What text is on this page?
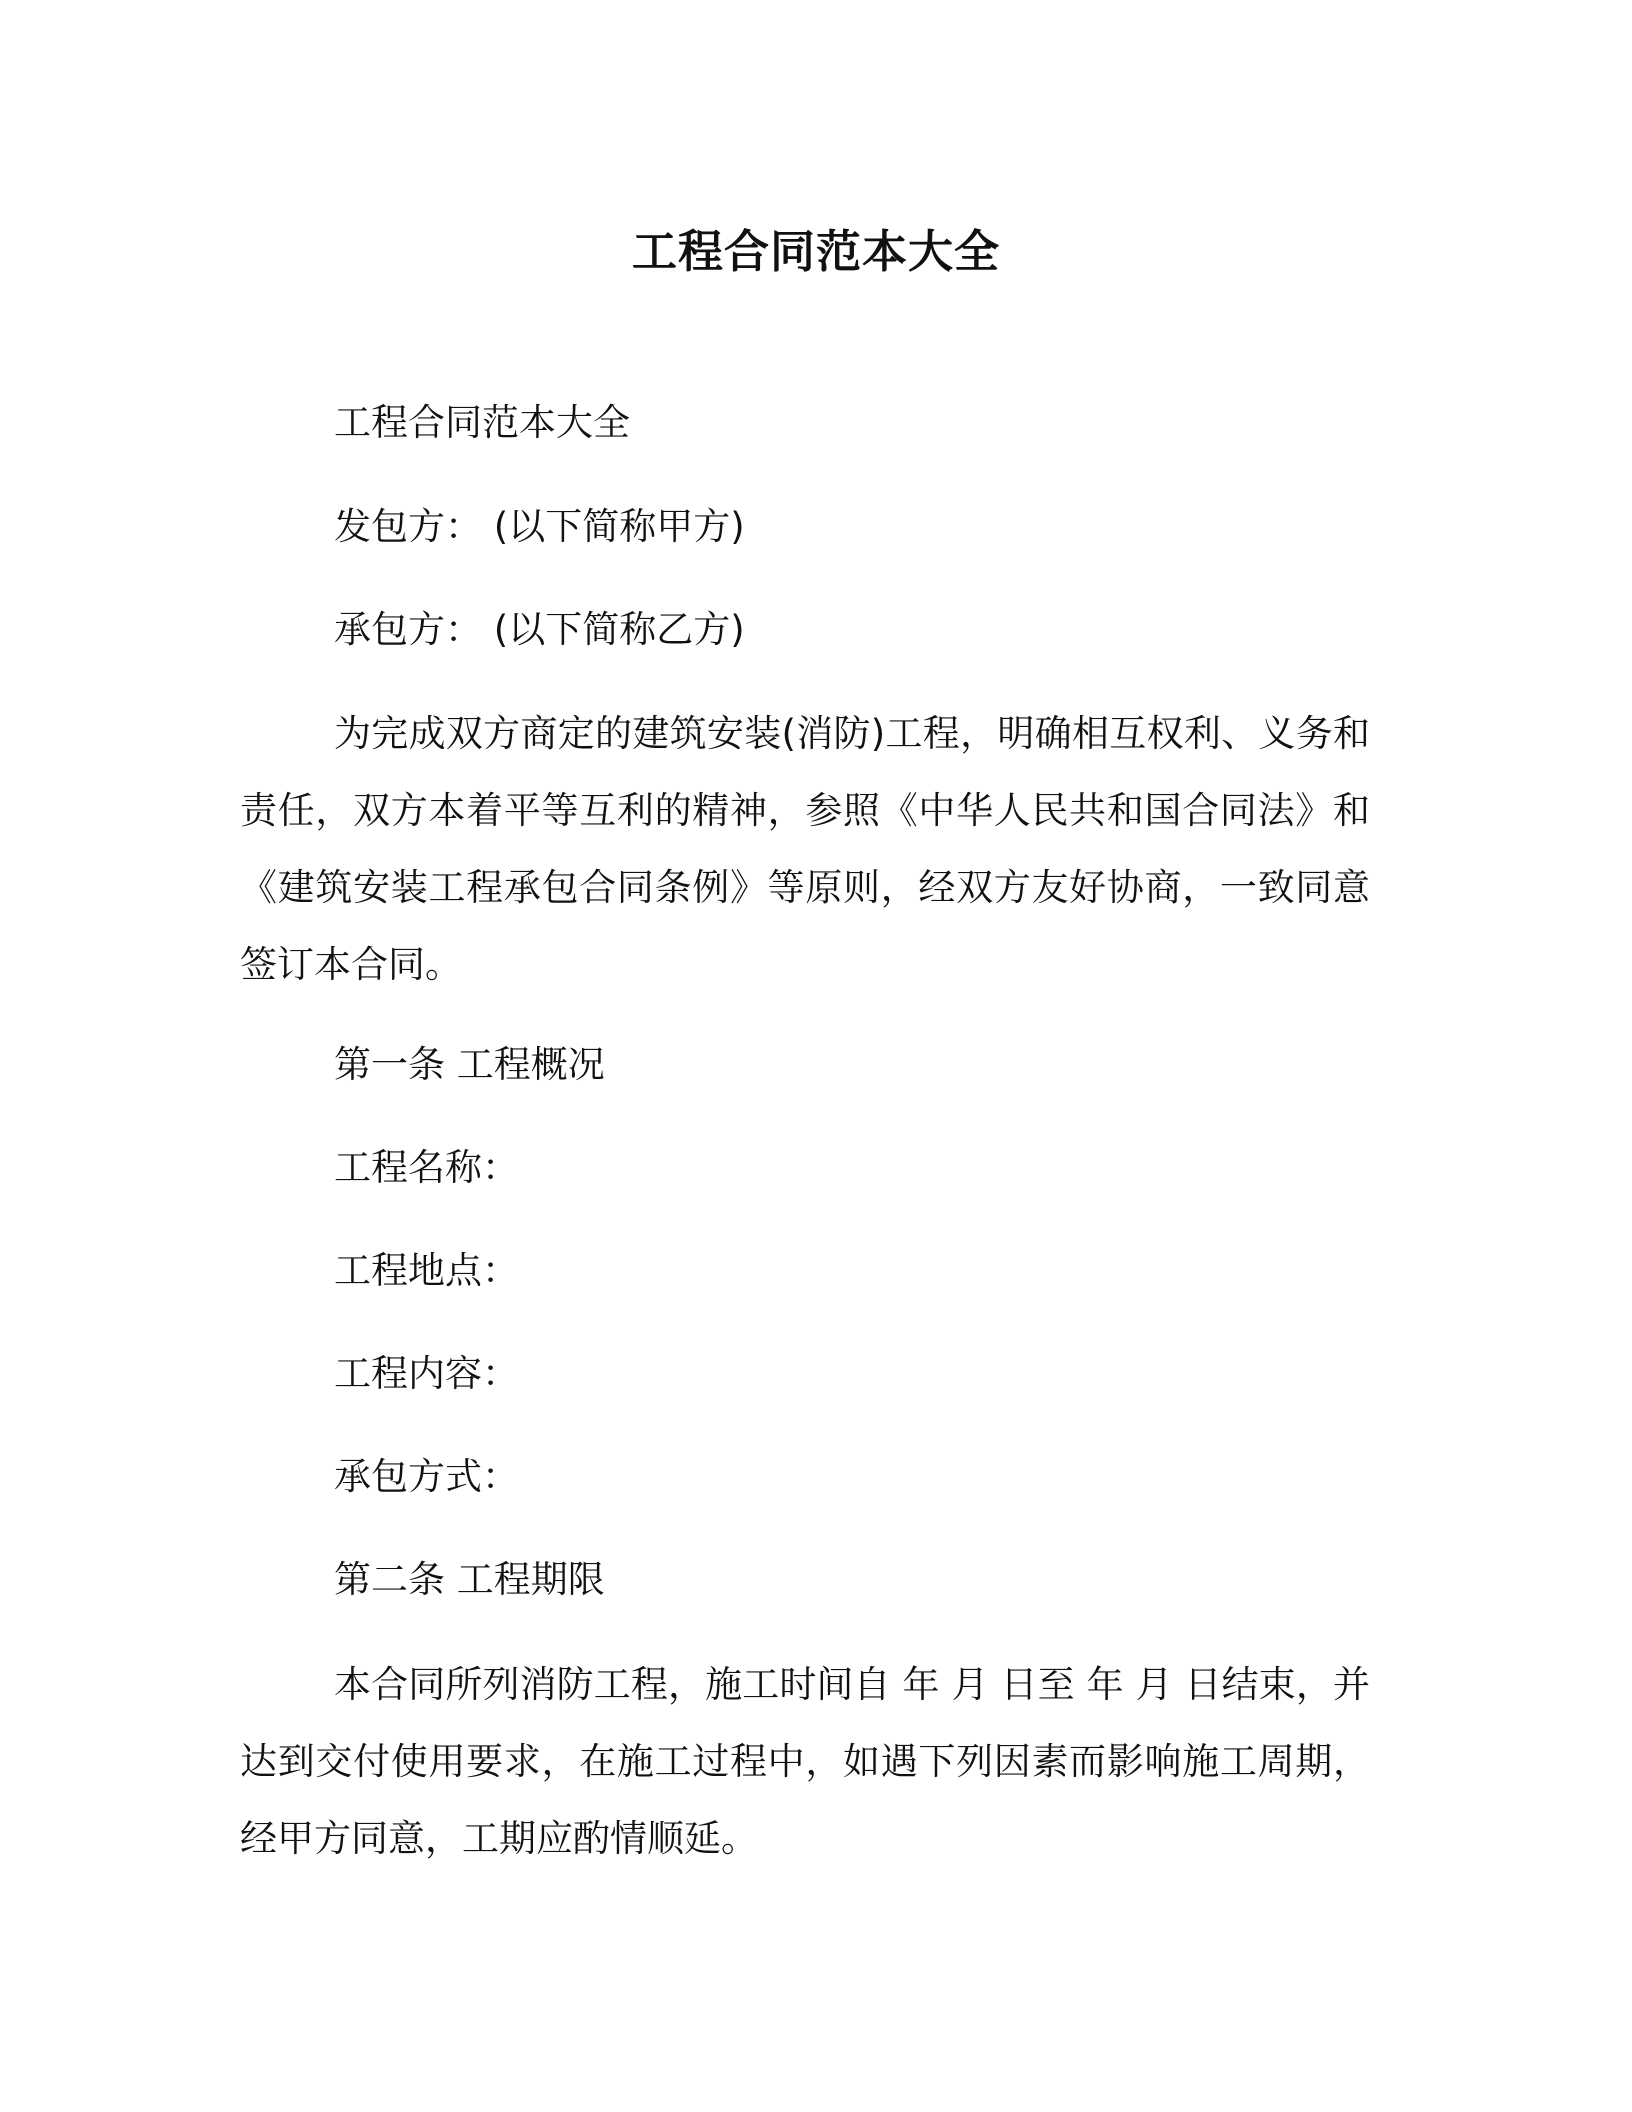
工程合同范本大全
工程合同范本大全
发包方： (以下简称甲方)
承包方： (以下简称乙方)
为完成双方商定的建筑安装(消防)工程，明确相互权利、义务和责任，双方本着平等互利的精神，参照《中华人民共和国合同法》和《建筑安装工程承包合同条例》等原则，经双方友好协商，一致同意签订本合同。
第一条 工程概况
工程名称：
工程地点：
工程内容：
承包方式：
第二条 工程期限
本合同所列消防工程，施工时间自 年 月 日至 年 月 日结束，并达到交付使用要求，在施工过程中，如遇下列因素而影响施工周期，经甲方同意，工期应酌情顺延。
